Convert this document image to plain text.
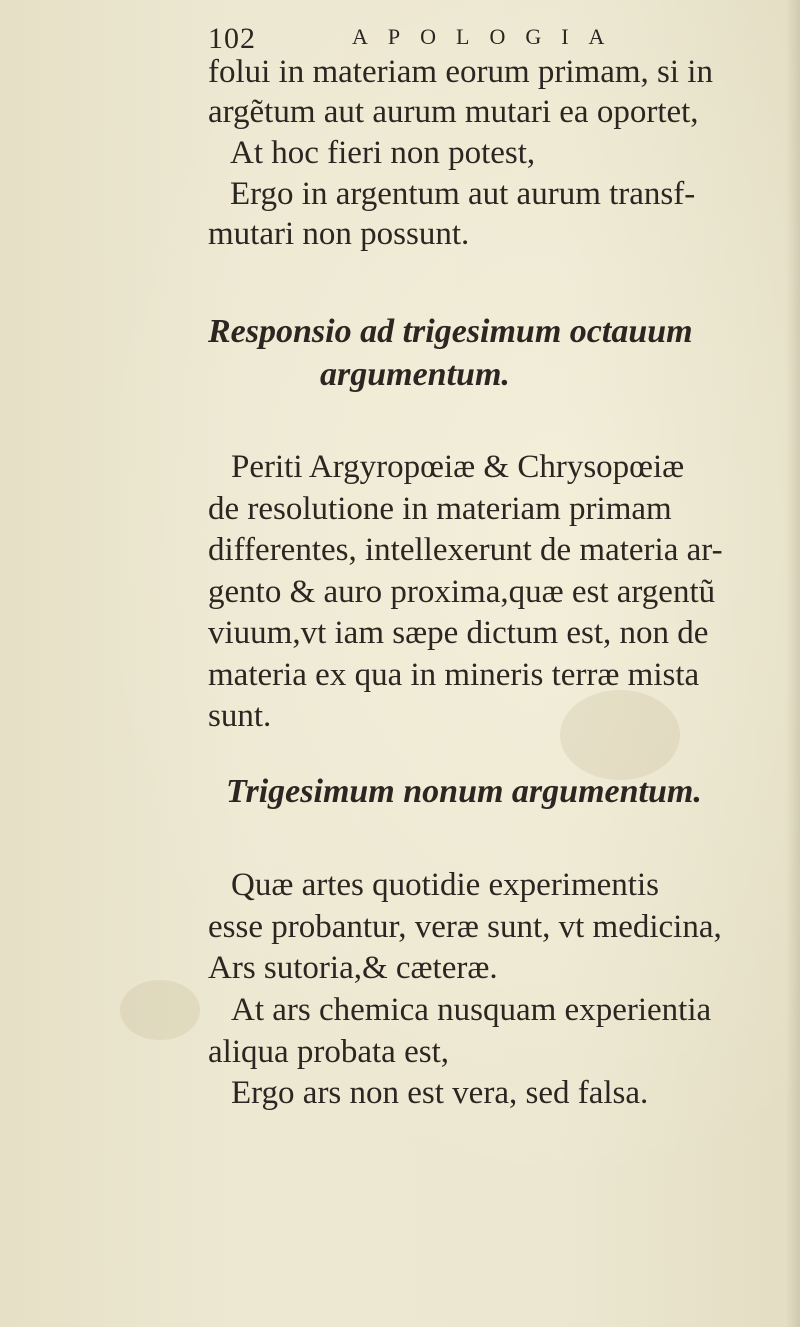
102	APOLOGIA
folui in materiam eorum primam, si in
argẽtum aut aurum mutari ea oportet,
At hoc fieri non potest,
Ergo in argentum aut aurum transf-
mutari non possunt.
Responsio ad trigesimum octauum
argumentum.
Periti Argyropœiæ & Chrysopœiæ
de resolutione in materiam primam
differentes, intellexerunt de materia ar-
gento & auro proxima,quæ est argentũ
viuum,vt iam sæpe dictum est, non de
materia ex qua in mineris terræ mista
sunt.
Trigesimum nonum argumentum.
Quæ artes quotidie experimentis
esse probantur, veræ sunt, vt medicina,
Ars sutoria,& cæteræ.
At ars chemica nusquam experientia
aliqua probata est,
Ergo ars non est vera, sed falsa.
